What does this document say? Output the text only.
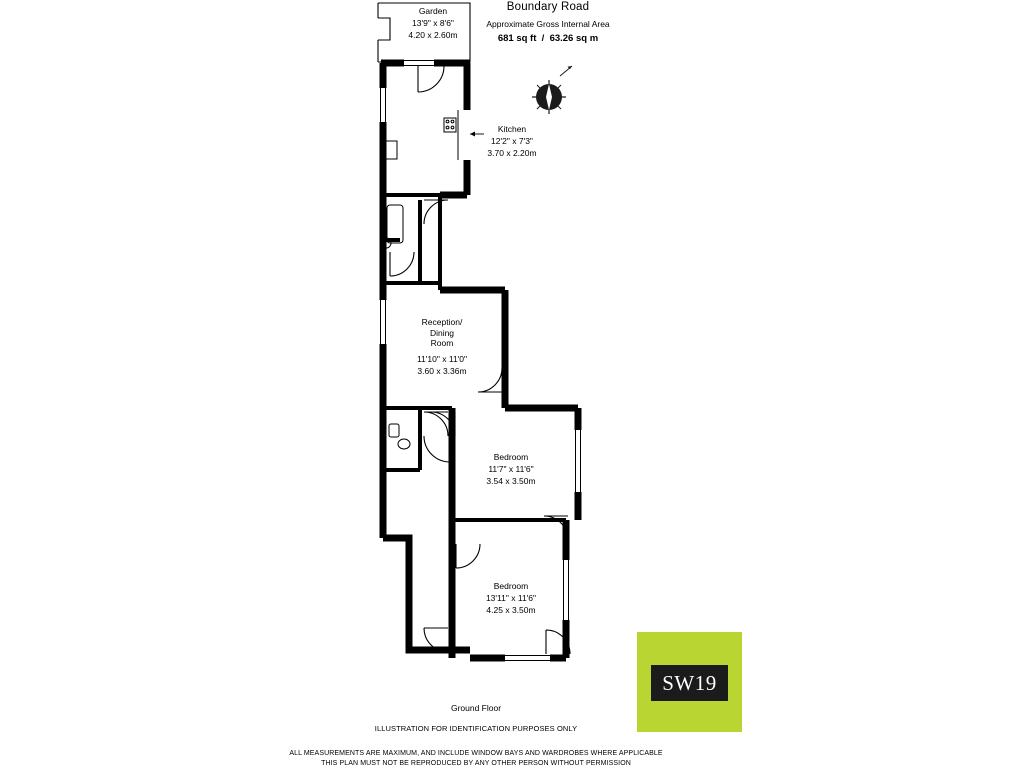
Boundary Road
Approximate Gross Internal Area
681 sq ft  /  63.26 sq m
Garden
13'9" x 8'6"
4.20 x 2.60m
Kitchen
12'2" x 7'3"
3.70 x 2.20m
Reception/
Dining
Room
11'10" x 11'0"
3.60 x 3.36m
Bedroom
11'7" x 11'6"
3.54 x 3.50m
Bedroom
13'11" x 11'6"
4.25 x 3.50m
Ground Floor
ILLUSTRATION FOR IDENTIFICATION PURPOSES ONLY
ALL MEASUREMENTS ARE MAXIMUM, AND INCLUDE WINDOW BAYS AND WARDROBES WHERE APPLICABLE
THIS PLAN MUST NOT BE REPRODUCED BY ANY OTHER PERSON WITHOUT PERMISSION
SW19
